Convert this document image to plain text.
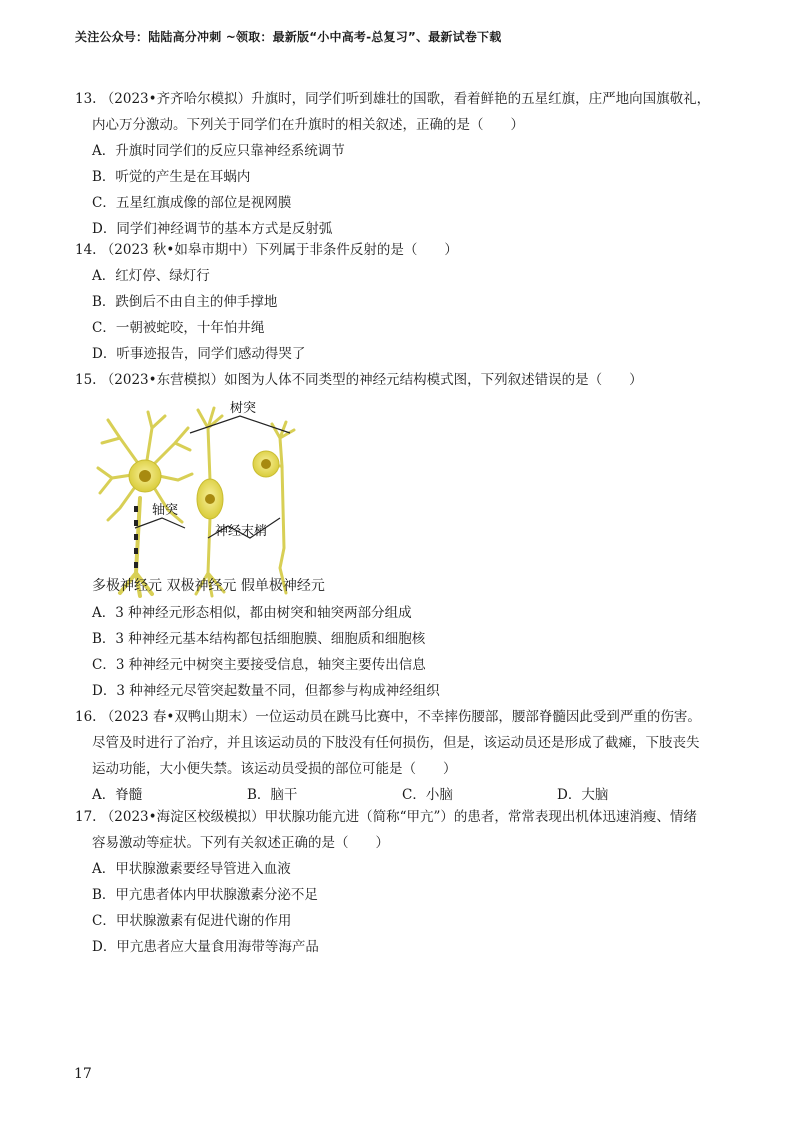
关注公众号：陆陆高分冲刺 ~领取：最新版“小中高考-总复习”、最新试卷下载
13. （2023•齐齐哈尔模拟）升旗时，同学们听到雄壮的国歌，看着鲜艳的五星红旗，庄严地向国旗敬礼，
内心万分激动。下列关于同学们在升旗时的相关叙述，正确的是（　　）
A．升旗时同学们的反应只靠神经系统调节
B．听觉的产生是在耳蜗内
C．五星红旗成像的部位是视网膜
D．同学们神经调节的基本方式是反射弧
14. （2023 秋•如皋市期中）下列属于非条件反射的是（　　）
A．红灯停、绿灯行
B．跌倒后不由自主的伸手撑地
C．一朝被蛇咬，十年怕井绳
D．听事迹报告，同学们感动得哭了
15. （2023•东营模拟）如图为人体不同类型的神经元结构模式图，下列叙述错误的是（　　）
树突
轴突
神经末梢
多极神经元 双极神经元 假单极神经元
A．3 种神经元形态相似，都由树突和轴突两部分组成
B．3 种神经元基本结构都包括细胞膜、细胞质和细胞核
C．3 种神经元中树突主要接受信息，轴突主要传出信息
D．3 种神经元尽管突起数量不同，但都参与构成神经组织
16. （2023 春•双鸭山期末）一位运动员在跳马比赛中，不幸摔伤腰部，腰部脊髓因此受到严重的伤害。
尽管及时进行了治疗，并且该运动员的下肢没有任何损伤，但是，该运动员还是形成了截瘫，下肢丧失
运动功能，大小便失禁。该运动员受损的部位可能是（　　）
A．脊髓	B．脑干	C．小脑	D．大脑
17. （2023•海淀区校级模拟）甲状腺功能亢进（简称“甲亢”）的患者，常常表现出机体迅速消瘦、情绪
容易激动等症状。下列有关叙述正确的是（　　）
A．甲状腺激素要经导管进入血液
B．甲亢患者体内甲状腺激素分泌不足
C．甲状腺激素有促进代谢的作用
D．甲亢患者应大量食用海带等海产品
17
